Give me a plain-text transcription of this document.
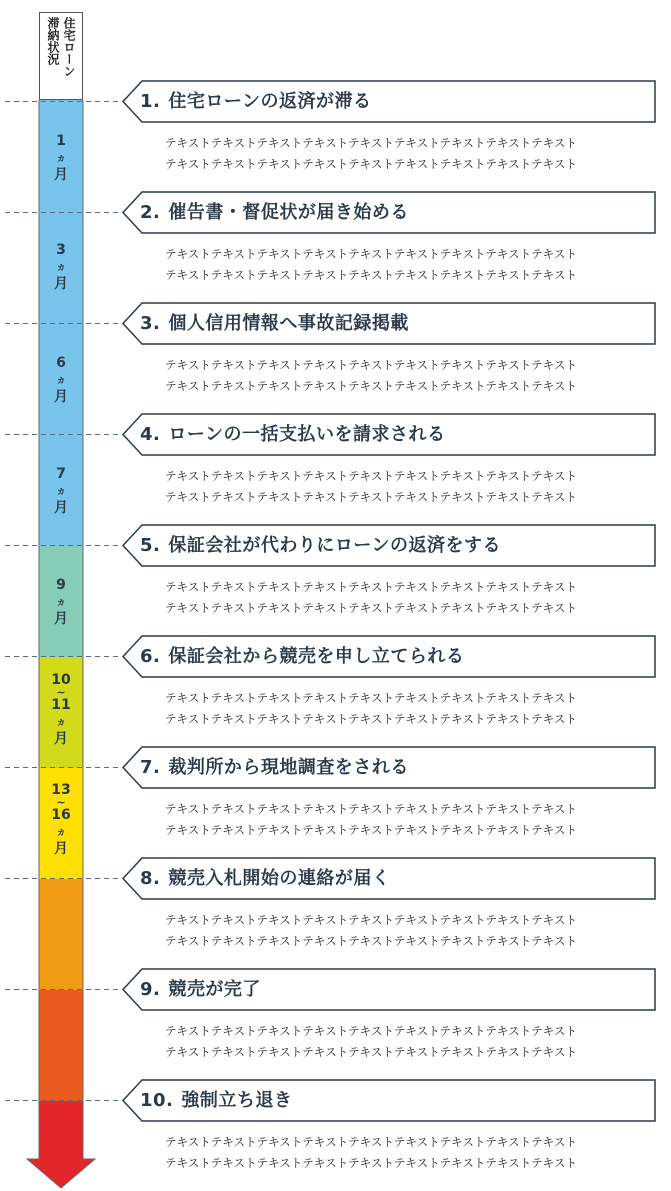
住宅ローン
滞納状況
1
ヵ
月
3
ヵ
月
6
ヵ
月
7
ヵ
月
9
ヵ
月
10
~
11
ヵ
月
13
~
16
ヵ
月
1. 住宅ローンの返済が滞る
テキストテキストテキストテキストテキストテキストテキストテキストテキスト
テキストテキストテキストテキストテキストテキストテキストテキストテキスト
2. 催告書・督促状が届き始める
テキストテキストテキストテキストテキストテキストテキストテキストテキスト
テキストテキストテキストテキストテキストテキストテキストテキストテキスト
3. 個人信用情報へ事故記録掲載
テキストテキストテキストテキストテキストテキストテキストテキストテキスト
テキストテキストテキストテキストテキストテキストテキストテキストテキスト
4. ローンの一括支払いを請求される
テキストテキストテキストテキストテキストテキストテキストテキストテキスト
テキストテキストテキストテキストテキストテキストテキストテキストテキスト
5. 保証会社が代わりにローンの返済をする
テキストテキストテキストテキストテキストテキストテキストテキストテキスト
テキストテキストテキストテキストテキストテキストテキストテキストテキスト
6. 保証会社から競売を申し立てられる
テキストテキストテキストテキストテキストテキストテキストテキストテキスト
テキストテキストテキストテキストテキストテキストテキストテキストテキスト
7. 裁判所から現地調査をされる
テキストテキストテキストテキストテキストテキストテキストテキストテキスト
テキストテキストテキストテキストテキストテキストテキストテキストテキスト
8. 競売入札開始の連絡が届く
テキストテキストテキストテキストテキストテキストテキストテキストテキスト
テキストテキストテキストテキストテキストテキストテキストテキストテキスト
9. 競売が完了
テキストテキストテキストテキストテキストテキストテキストテキストテキスト
テキストテキストテキストテキストテキストテキストテキストテキストテキスト
10. 強制立ち退き
テキストテキストテキストテキストテキストテキストテキストテキストテキスト
テキストテキストテキストテキストテキストテキストテキストテキストテキスト
